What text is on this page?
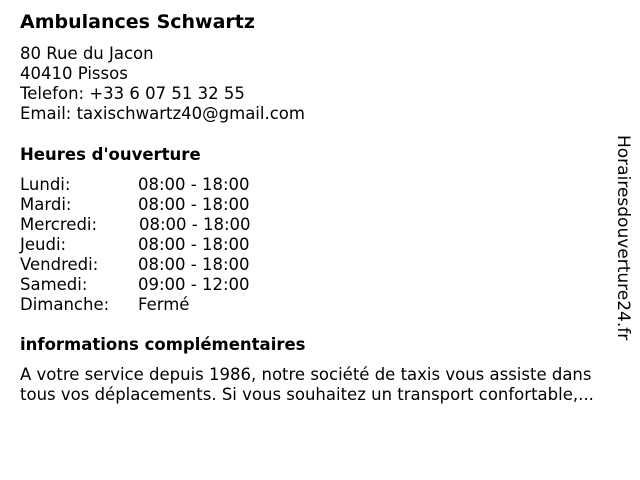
Ambulances Schwartz
80 Rue du Jacon
40410 Pissos
Telefon: +33 6 07 51 32 55
Email: taxischwartz40@gmail.com
Heures d'ouverture
Lundi:	08:00 - 18:00
Mardi:	08:00 - 18:00
Mercredi:	08:00 - 18:00
Jeudi:	08:00 - 18:00
Vendredi: 08:00 - 18:00
Samedi:	09:00 - 12:00
Dimanche: Fermé
informations complémentaires

A votre service depuis 1986, notre société de taxis vous assiste dans tous vos déplacements. Si vous souhaitez un transport confortable,...

Horairesdouverture24.fr
